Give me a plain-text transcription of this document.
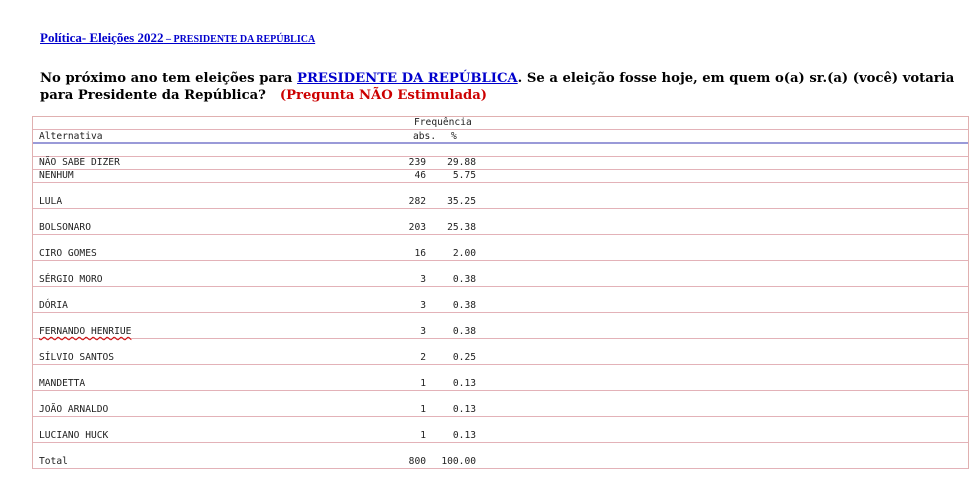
Política- Eleições 2022 – PRESIDENTE DA REPÚBLICA
No próximo ano tem eleições para PRESIDENTE DA REPÚBLICA. Se a eleição fosse hoje, em quem o(a) sr.(a) (você) votaria para Presidente da República? (Pregunta NÃO Estimulada)
Frequência
Alternativa	abs. %
NÃO SABE DIZER	239 29.88
NENHUM	46	5.75
LULA	282 35.25
BOLSONARO	203 25.38
CIRO GOMES	16	2.00
SÉRGIO MORO	3	0.38
DÓRIA	3	0.38
FERNANDO HENRIUE	3	0.38
SÍLVIO SANTOS	2	0.25
MANDETTA	1	0.13
JOÃO ARNALDO	1	0.13
LUCIANO HUCK	1	0.13
Total	800 100.00
